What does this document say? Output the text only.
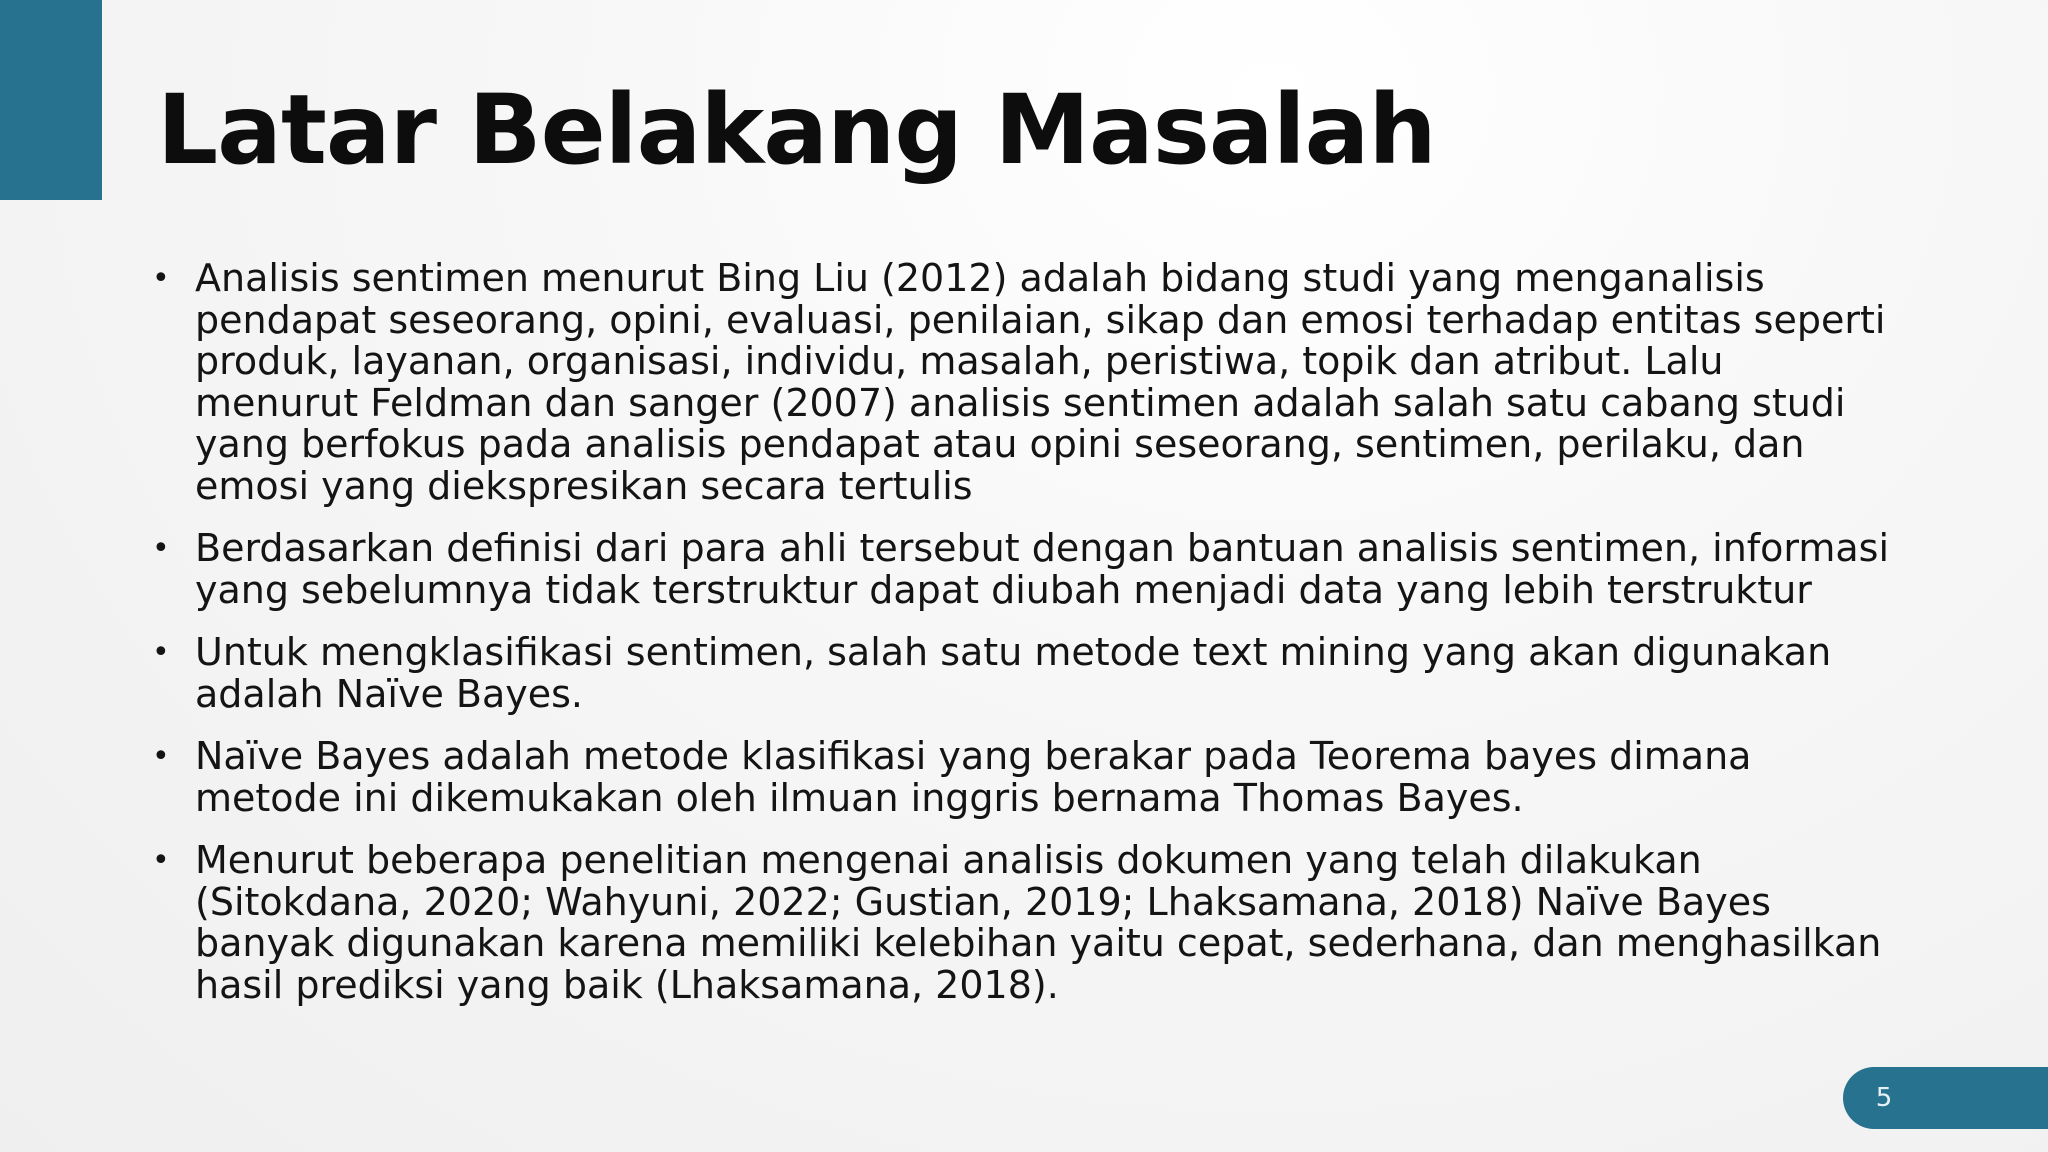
Latar Belakang Masalah
• Analisis sentimen menurut Bing Liu (2012) adalah bidang studi yang menganalisis pendapat seseorang, opini, evaluasi, penilaian, sikap dan emosi terhadap entitas seperti produk, layanan, organisasi, individu, masalah, peristiwa, topik dan atribut. Lalu menurut Feldman dan sanger (2007) analisis sentimen adalah salah satu cabang studi yang berfokus pada analisis pendapat atau opini seseorang, sentimen, perilaku, dan emosi yang diekspresikan secara tertulis
• Berdasarkan definisi dari para ahli tersebut dengan bantuan analisis sentimen, informasi yang sebelumnya tidak terstruktur dapat diubah menjadi data yang lebih terstruktur
• Untuk mengklasifikasi sentimen, salah satu metode text mining yang akan digunakan adalah Naïve Bayes.
• Naïve Bayes adalah metode klasifikasi yang berakar pada Teorema bayes dimana metode ini dikemukakan oleh ilmuan inggris bernama Thomas Bayes.
• Menurut beberapa penelitian mengenai analisis dokumen yang telah dilakukan (Sitokdana, 2020; Wahyuni, 2022; Gustian, 2019; Lhaksamana, 2018) Naïve Bayes banyak digunakan karena memiliki kelebihan yaitu cepat, sederhana, dan menghasilkan hasil prediksi yang baik (Lhaksamana, 2018).
5
